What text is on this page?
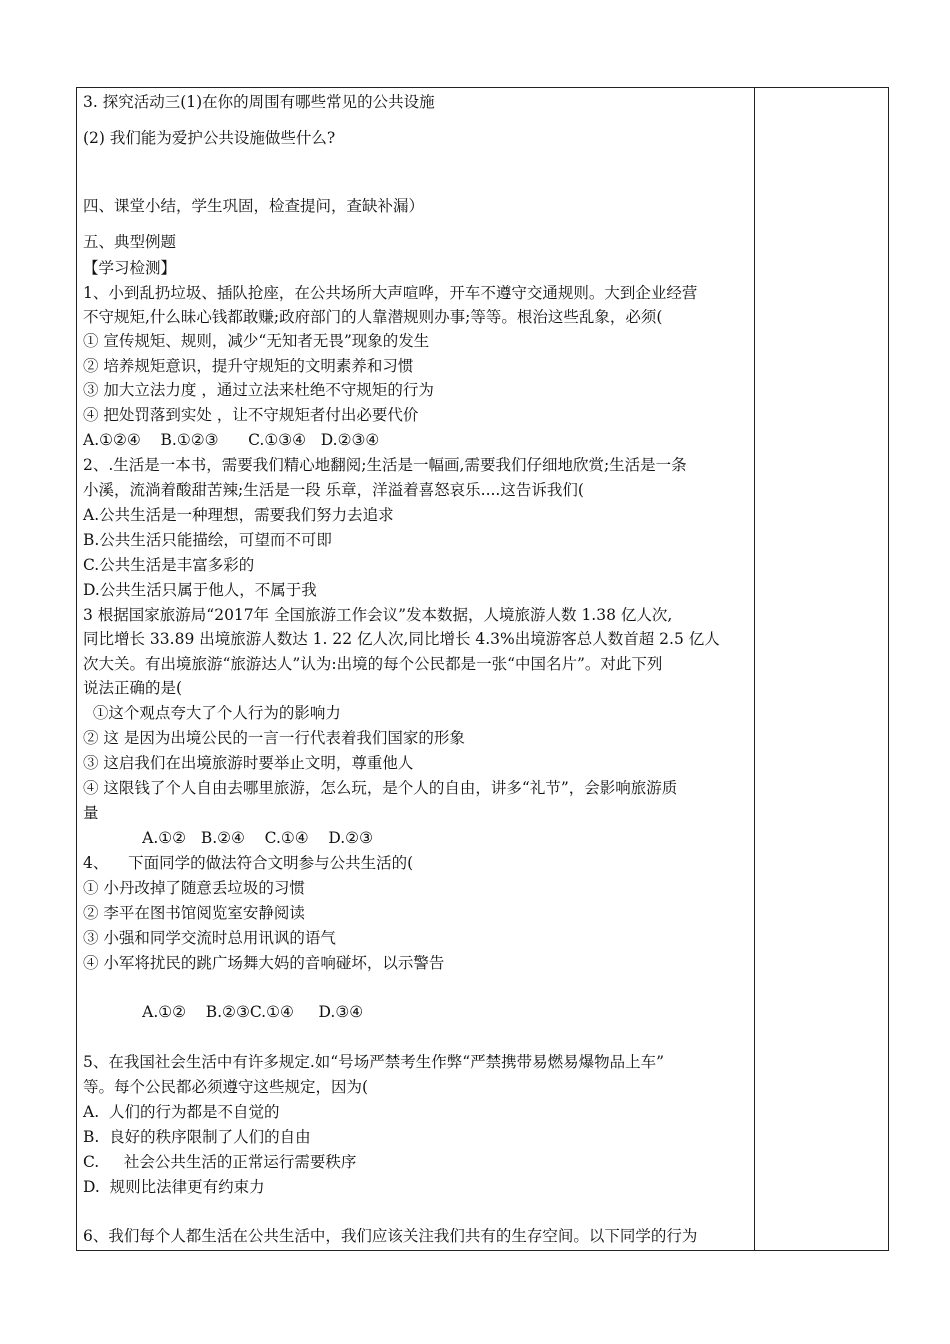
3. 探究活动三(1)在你的周围有哪些常见的公共设施
(2) 我们能为爱护公共设施做些什么?
四、课堂小结，学生巩固，检查提问，查缺补漏）
五、典型例题
【学习检测】
1、小到乱扔垃圾、插队抢座，在公共场所大声喧哗，开车不遵守交通规则。大到企业经营
不守规矩,什么昧心钱都敢赚;政府部门的人靠潜规则办事;等等。根治这些乱象，必须(
① 宣传规矩、规则，减少“无知者无畏”现象的发生
② 培养规矩意识，提升守规矩的文明素养和习惯
③ 加大立法力度 ，通过立法来杜绝不守规矩的行为
④ 把处罚落到实处 ，让不守规矩者付出必要代价
A.①②④    B.①②③      C.①③④   D.②③④
2、.生活是一本书，需要我们精心地翻阅;生活是一幅画,需要我们仔细地欣赏;生活是一条
小溪，流淌着酸甜苦辣;生活是一段 乐章，洋溢着喜怒哀乐....这告诉我们(
A.公共生活是一种理想，需要我们努力去追求
B.公共生活只能描绘，可望而不可即
C.公共生活是丰富多彩的
D.公共生活只属于他人，不属于我
3 根据国家旅游局“2017年 全国旅游工作会议”发本数据，人境旅游人数 1.38 亿人次,
同比增长 33.89 出境旅游人数达 1. 22 亿人次,同比增长 4.3%出境游客总人数首超 2.5 亿人
次大关。有出境旅游“旅游达人”认为:出境的每个公民都是一张“中国名片”。对此下列
说法正确的是(
①这个观点夸大了个人行为的影响力
② 这 是因为出境公民的一言一行代表着我们国家的形象
③ 这启我们在出境旅游时要举止文明，尊重他人
④ 这限钱了个人自由去哪里旅游，怎么玩，是个人的自由，讲多“礼节”，会影响旅游质
量
A.①②   B.②④    C.①④    D.②③
4、    下面同学的做法符合文明参与公共生活的(
① 小丹改掉了随意丢垃圾的习惯
② 李平在图书馆阅览室安静阅读
③ 小强和同学交流时总用讯讽的语气
④ 小军将扰民的跳广场舞大妈的音响碰坏，以示警告
A.①②    B.②③C.①④     D.③④
5、在我国社会生活中有许多规定.如“号场严禁考生作弊“严禁携带易燃易爆物品上车”
等。每个公民都必须遵守这些规定，因为(
A.  人们的行为都是不自觉的
B.  良好的秩序限制了人们的自由
C.     社会公共生活的正常运行需要秩序
D.  规则比法律更有约束力
6、我们每个人都生活在公共生活中，我们应该关注我们共有的生存空间。以下同学的行为
